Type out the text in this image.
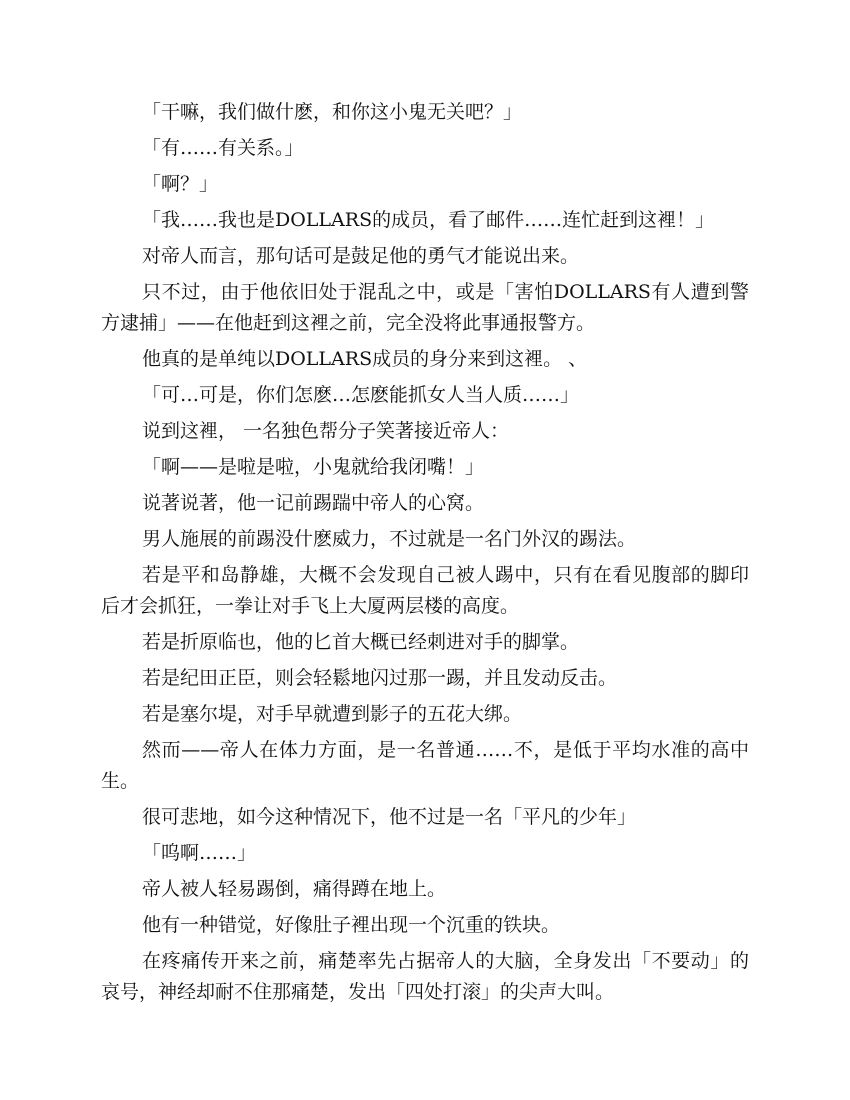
「干嘛，我们做什麽，和你这小鬼无关吧？」

「有……有关系。」

「啊？」

「我……我也是DOLLARS的成员，看了邮件……连忙赶到这裡！」

对帝人而言，那句话可是鼓足他的勇气才能说出来。

只不过，由于他依旧处于混乱之中，或是「害怕DOLLARS有人遭到警方逮捕」——在他赶到这裡之前，完全没将此事通报警方。

他真的是单纯以DOLLARS成员的身分来到这裡。 、

「可…可是，你们怎麽…怎麽能抓女人当人质……」

说到这裡， 一名独色帮分子笑著接近帝人：

「啊——是啦是啦，小鬼就给我闭嘴！」

说著说著，他一记前踢踹中帝人的心窝。

男人施展的前踢没什麽威力，不过就是一名门外汉的踢法。

若是平和岛静雄，大概不会发现自己被人踢中，只有在看见腹部的脚印后才会抓狂，一拳让对手飞上大厦两层楼的高度。

若是折原临也，他的匕首大概已经刺进对手的脚掌。

若是纪田正臣，则会轻鬆地闪过那一踢，并且发动反击。

若是塞尔堤，对手早就遭到影子的五花大绑。

然而——帝人在体力方面，是一名普通……不，是低于平均水准的高中生。

很可悲地，如今这种情况下，他不过是一名「平凡的少年」

「呜啊……」

帝人被人轻易踢倒，痛得蹲在地上。

他有一种错觉，好像肚子裡出现一个沉重的铁块。

在疼痛传开来之前，痛楚率先占据帝人的大脑，全身发出「不要动」的哀号，神经却耐不住那痛楚，发出「四处打滚」的尖声大叫。
